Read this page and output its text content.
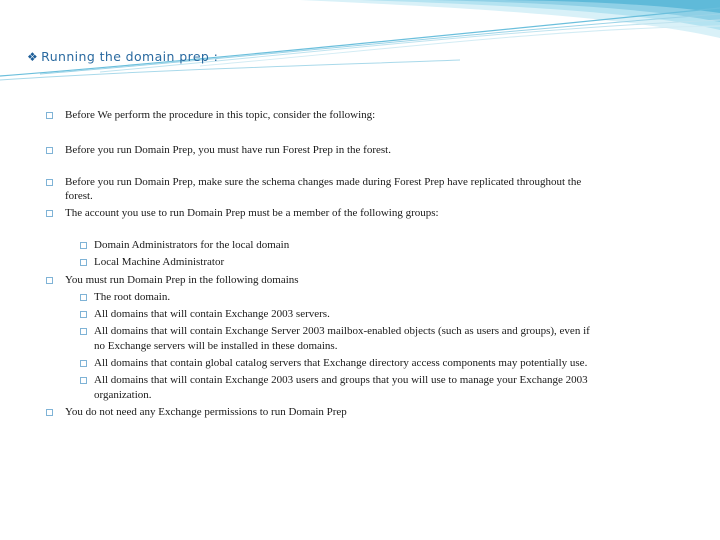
❖ Running the domain prep :
Before We perform the procedure in this topic, consider the following:
Before you run Domain Prep, you must have run Forest Prep in the forest.
Before you run Domain Prep, make sure the schema changes made during Forest Prep have replicated throughout the
forest.
The account you use to run Domain Prep must be a member of the following groups:
Domain Administrators for the local domain
Local Machine Administrator
You must run Domain Prep in the following domains
The root domain.
All domains that will contain Exchange 2003 servers.
All domains that will contain Exchange Server 2003 mailbox-enabled objects (such as users and groups), even if
no Exchange servers will be installed in these domains.
All domains that contain global catalog servers that Exchange directory access components may potentially use.
All domains that will contain Exchange 2003 users and groups that you will use to manage your Exchange 2003
organization.
You do not need any Exchange permissions to run Domain Prep
